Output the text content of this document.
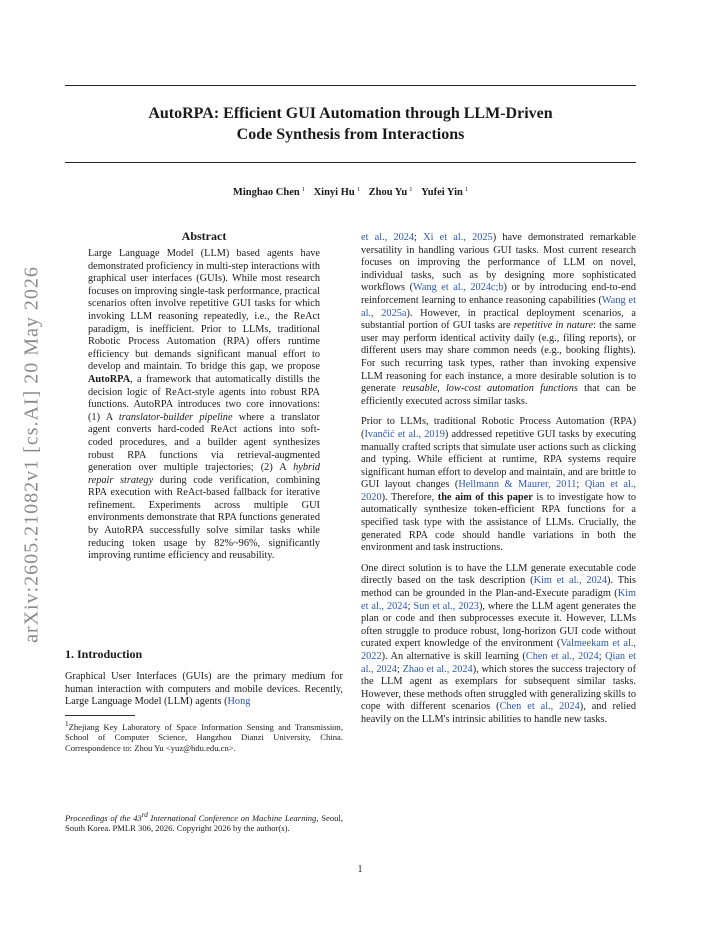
AutoRPA: Efficient GUI Automation through LLM-Driven
Code Synthesis from Interactions
Minghao Chen $^1$ Xinyi Hu $^1$ Zhou Yu $^1$ Yufei Yin $^1$
arXiv:2605.21082v1 [cs.AI] 20 May 2026
Abstract

Large Language Model (LLM) based agents have demonstrated proficiency in multi-step interactions with graphical user interfaces (GUIs). While most research focuses on improving single-task performance, practical scenarios often involve repetitive GUI tasks for which invoking LLM reasoning repeatedly, i.e., the ReAct paradigm, is inefficient. Prior to LLMs, traditional Robotic Process Automation (RPA) offers runtime efficiency but demands significant manual effort to develop and maintain. To bridge this gap, we propose AutoRPA, a framework that automatically distills the decision logic of ReAct-style agents into robust RPA functions. AutoRPA introduces two core innovations: (1) A translator-builder pipeline where a translator agent converts hard-coded ReAct actions into soft-coded procedures, and a builder agent synthesizes robust RPA functions via retrieval-augmented generation over multiple trajectories; (2) A hybrid repair strategy during code verification, combining RPA execution with ReAct-based fallback for iterative refinement. Experiments across multiple GUI environments demonstrate that RPA functions generated by AutoRPA successfully solve similar tasks while reducing token usage by 82%~96%, significantly improving runtime efficiency and reusability.

1. Introduction

Graphical User Interfaces (GUIs) are the primary medium for human interaction with computers and mobile devices. Recently, Large Language Model (LLM) agents (Hong

$^1$Zhejiang Key Laboratory of Space Information Sensing and Transmission, School of Computer Science, Hangzhou Dianzi University, China. Correspondence to: Zhou Yu <yuz@hdu.edu.cn>.

Proceedings of the 43rd International Conference on Machine Learning, Seoul, South Korea. PMLR 306, 2026. Copyright 2026 by the author(s).

et al., 2024; Xi et al., 2025) have demonstrated remarkable versatility in handling various GUI tasks. Most current research focuses on improving the performance of LLM on novel, individual tasks, such as by designing more sophisticated workflows (Wang et al., 2024c;b) or by introducing end-to-end reinforcement learning to enhance reasoning capabilities (Wang et al., 2025a). However, in practical deployment scenarios, a substantial portion of GUI tasks are repetitive in nature: the same user may perform identical activity daily (e.g., filing reports), or different users may share common needs (e.g., booking flights). For such recurring task types, rather than invoking expensive LLM reasoning for each instance, a more desirable solution is to generate reusable, low-cost automation functions that can be efficiently executed across similar tasks.

Prior to LLMs, traditional Robotic Process Automation (RPA) (Ivančić et al., 2019) addressed repetitive GUI tasks by executing manually crafted scripts that simulate user actions such as clicking and typing. While efficient at runtime, RPA systems require significant human effort to develop and maintain, and are brittle to GUI layout changes (Hellmann & Maurer, 2011; Qian et al., 2020). Therefore, the aim of this paper is to investigate how to automatically synthesize token-efficient RPA functions for a specified task type with the assistance of LLMs. Crucially, the generated RPA code should handle variations in both the environment and task instructions.

One direct solution is to have the LLM generate executable code directly based on the task description (Kim et al., 2024). This method can be grounded in the Plan-and-Execute paradigm (Kim et al., 2024; Sun et al., 2023), where the LLM agent generates the plan or code and then subprocesses execute it. However, LLMs often struggle to produce robust, long-horizon GUI code without curated expert knowledge of the environment (Valmeekam et al., 2022). An alternative is skill learning (Chen et al., 2024; Qian et al., 2024; Zhao et al., 2024), which stores the success trajectory of the LLM agent as exemplars for subsequent similar tasks. However, these methods often struggled with generalizing skills to cope with different scenarios (Chen et al., 2024), and relied heavily on the LLM's intrinsic abilities to handle new tasks.

1
